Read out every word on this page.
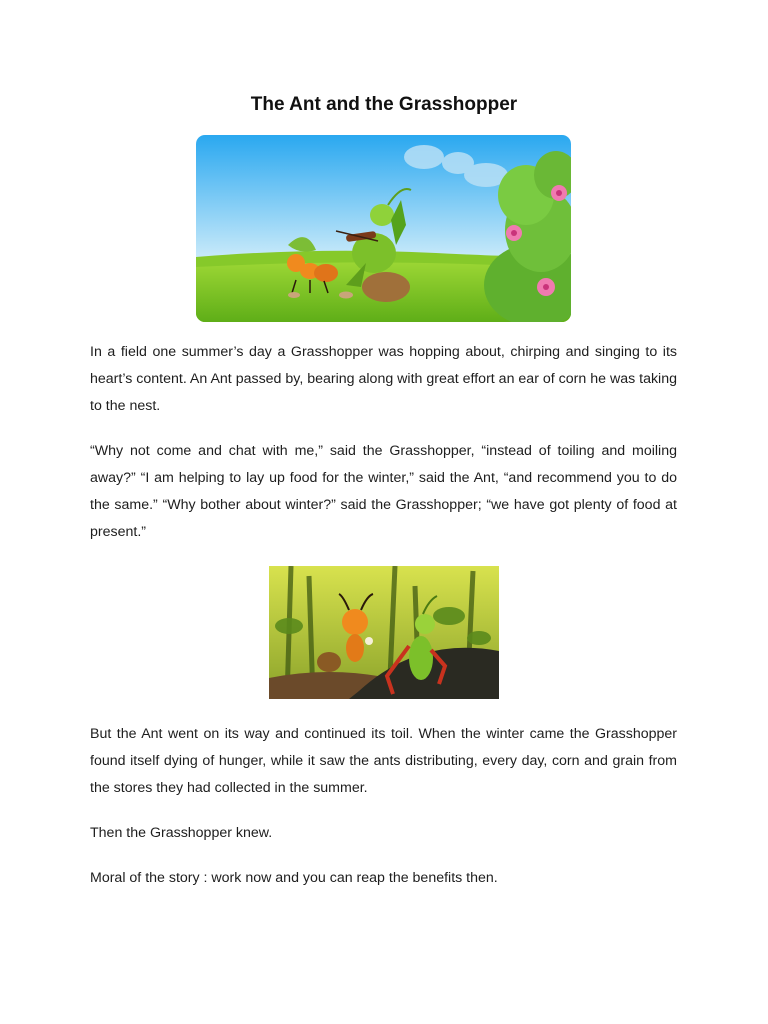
The Ant and the Grasshopper

In a field one summer’s day a Grasshopper was hopping about, chirping and singing to its heart’s content. An Ant passed by, bearing along with great effort an ear of corn he was taking to the nest.

“Why not come and chat with me,” said the Grasshopper, “instead of toiling and moiling away?” “I am helping to lay up food for the winter,” said the Ant, “and recommend you to do the same.” “Why bother about winter?” said the Grasshopper; “we have got plenty of food at present.”

But the Ant went on its way and continued its toil. When the winter came the Grasshopper found itself dying of hunger, while it saw the ants distributing, every day, corn and grain from the stores they had collected in the summer.

Then the Grasshopper knew.

Moral of the story : work now and you can reap the benefits then.
